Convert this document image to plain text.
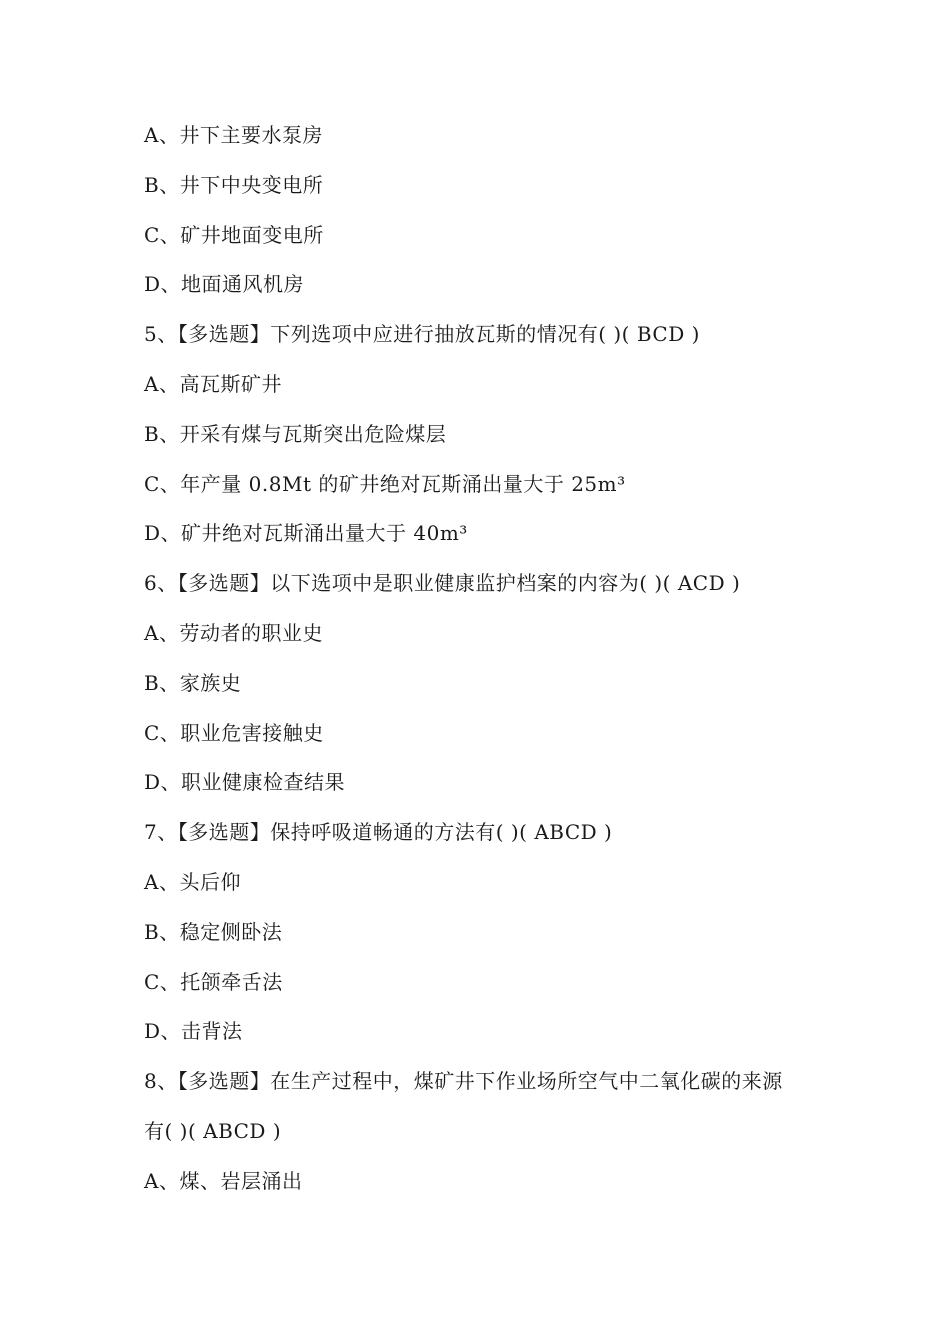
A、井下主要水泵房
B、井下中央变电所
C、矿井地面变电所
D、地面通风机房
5、【多选题】下列选项中应进行抽放瓦斯的情况有( )( BCD )
A、高瓦斯矿井
B、开采有煤与瓦斯突出危险煤层
C、年产量 0.8Mt 的矿井绝对瓦斯涌出量大于 25m³
D、矿井绝对瓦斯涌出量大于 40m³
6、【多选题】以下选项中是职业健康监护档案的内容为( )( ACD )
A、劳动者的职业史
B、家族史
C、职业危害接触史
D、职业健康检查结果
7、【多选题】保持呼吸道畅通的方法有( )( ABCD )
A、头后仰
B、稳定侧卧法
C、托颌牵舌法
D、击背法
8、【多选题】在生产过程中，煤矿井下作业场所空气中二氧化碳的来源
有( )( ABCD )
A、煤、岩层涌出
